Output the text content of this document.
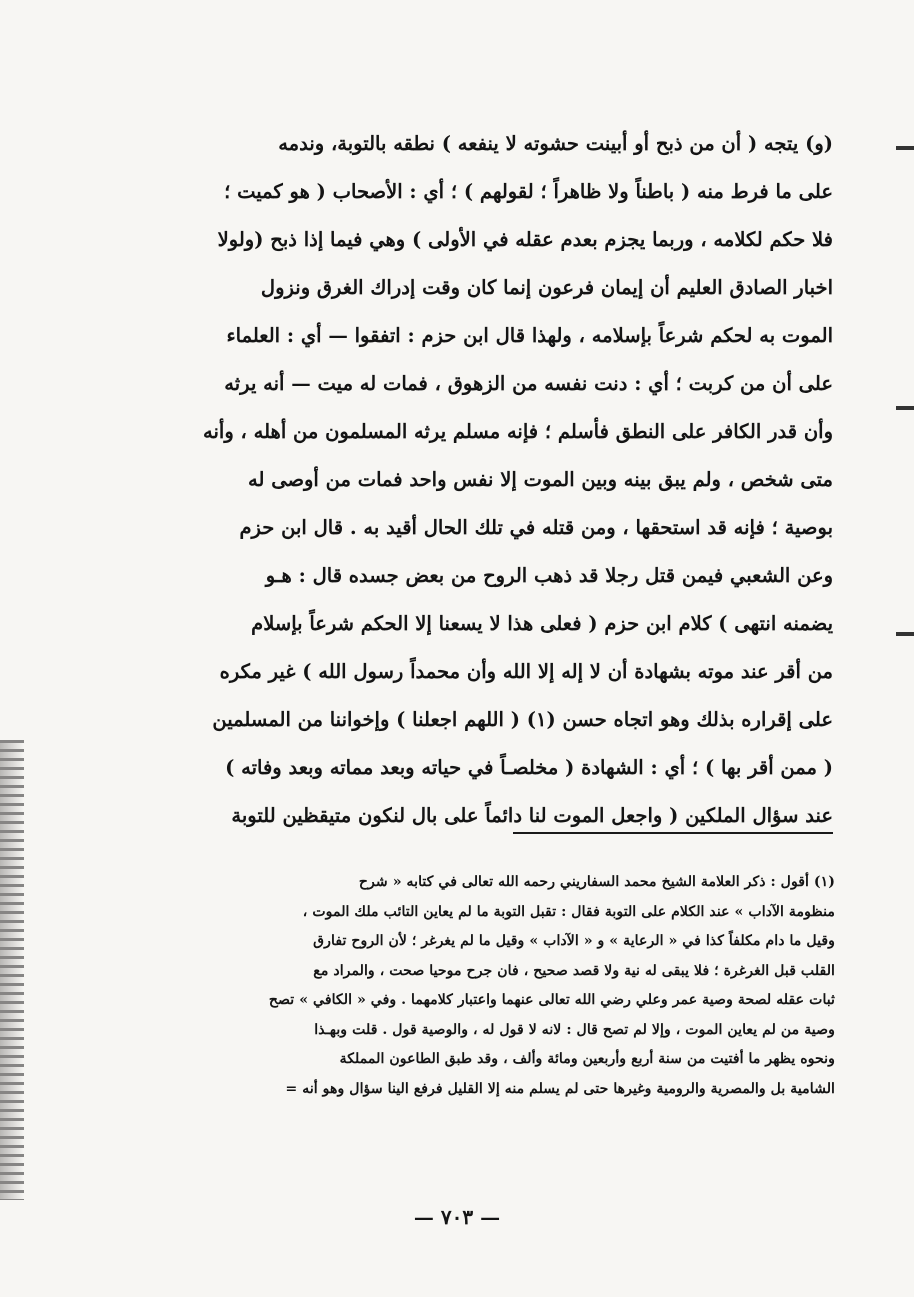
(و) يتجه ( أن من ذبح أو أبينت حشوته لا ينفعه ) نطقه بالتوبة، وندمه
على ما فرط منه ( باطناً ولا ظاهراً ؛ لقولهم ) ؛ أي : الأصحاب ( هو كميت ؛
فلا حكم لكلامه ، وربما يجزم بعدم عقله في الأولى ) وهي فيما إذا ذبح (ولولا
اخبار الصادق العليم أن إيمان فرعون إنما كان وقت إدراك الغرق ونزول
الموت به لحكم شرعاً بإسلامه ، ولهذا قال ابن حزم : اتفقوا — أي : العلماء
على أن من كربت ؛ أي : دنت نفسه من الزهوق ، فمات له ميت — أنه يرثه
وأن قدر الكافر على النطق فأسلم ؛ فإنه مسلم يرثه المسلمون من أهله ، وأنه
متى شخص ، ولم يبق بينه وبين الموت إلا نفس واحد فمات من أوصى له
بوصية ؛ فإنه قد استحقها ، ومن قتله في تلك الحال أقيد به . قال ابن حزم
وعن الشعبي فيمن قتل رجلا قد ذهب الروح من بعض جسده قال : هـو
يضمنه انتهى ) كلام ابن حزم ( فعلى هذا لا يسعنا إلا الحكم شرعاً بإسلام
من أقر عند موته بشهادة أن لا إله إلا الله وأن محمداً رسول الله ) غير مكره
على إقراره بذلك وهو اتجاه حسن (١) ( اللهم اجعلنا ) وإخواننا من المسلمين
( ممن أقر بها ) ؛ أي : الشهادة ( مخلصـاً في حياته وبعد مماته وبعد وفاته )
عند سؤال الملكين ( واجعل الموت لنا دائماً على بال لنكون متيقظين للتوبة
(١) أقول : ذكر العلامة الشيخ محمد السفاريني رحمه الله تعالى في كتابه « شرح
منظومة الآداب » عند الكلام على التوبة فقال : تقبل التوبة ما لم يعاين التائب ملك الموت ،
وقيل ما دام مكلفاً كذا في « الرعاية » و « الآداب » وقيل ما لم يغرغر ؛ لأن الروح تفارق
القلب قبل الغرغرة ؛ فلا يبقى له نية ولا قصد صحيح ، فان جرح موحيا صحت ، والمراد مع
ثبات عقله لصحة وصية عمر وعلي رضي الله تعالى عنهما واعتبار كلامهما . وفي « الكافي » تصح
وصية من لم يعاين الموت ، وإلا لم تصح قال : لانه لا قول له ، والوصية قول . قلت وبهـذا
ونحوه يظهر ما أفتيت من سنة أربع وأربعين ومائة وألف ، وقد طبق الطاعون المملكة
الشامية بل والمصرية والرومية وغيرها حتى لم يسلم منه إلا القليل فرفع الينا سؤال وهو أنه =
— ٧٠٣ —
